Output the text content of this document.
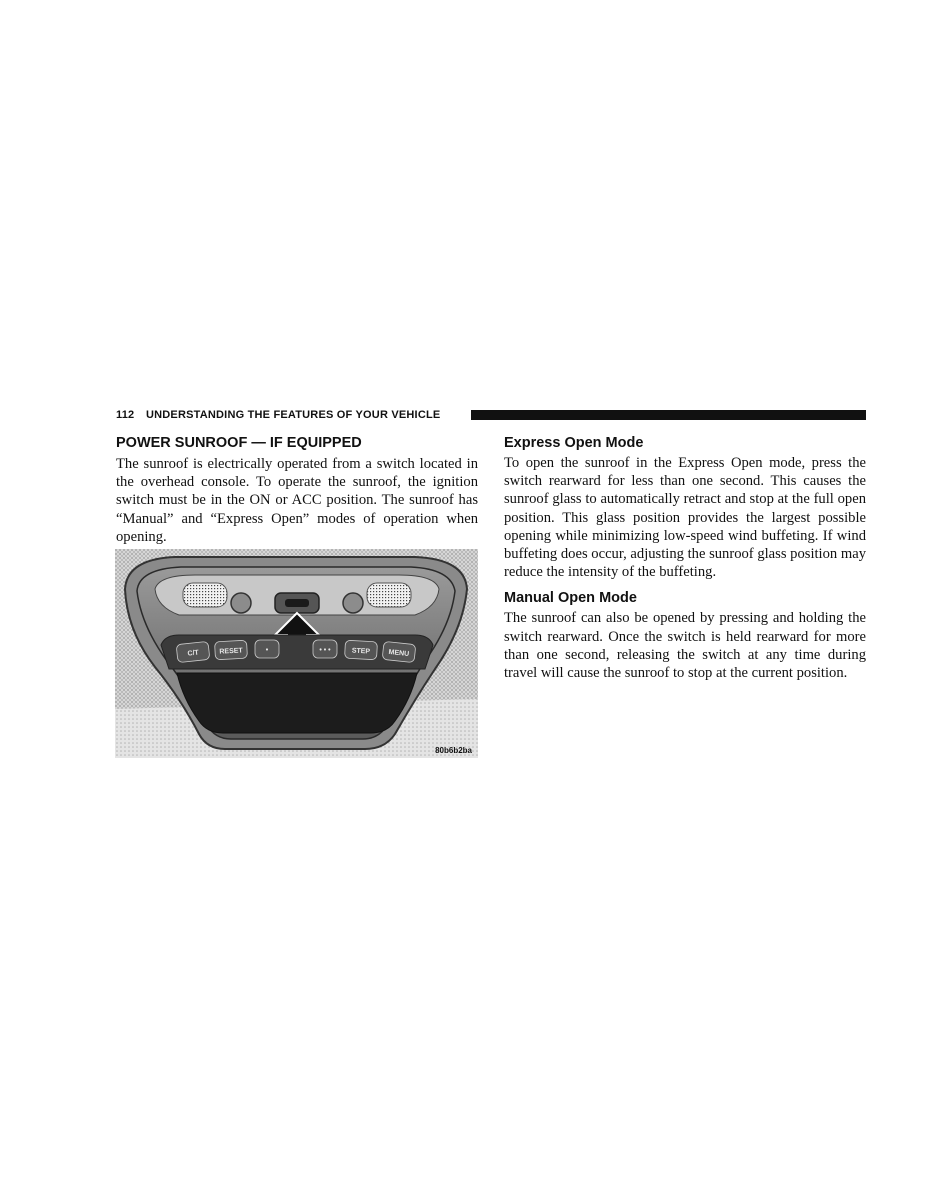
112 UNDERSTANDING THE FEATURES OF YOUR VEHICLE
POWER SUNROOF — IF EQUIPPED

The sunroof is electrically operated from a switch located in the overhead console. To operate the sunroof, the ignition switch must be in the ON or ACC position. The sunroof has “Manual” and “Express Open” modes of operation when opening.

C/T	RESET	•	• • •	STEP	MENU
80b6b2ba
Express Open Mode

To open the sunroof in the Express Open mode, press the switch rearward for less than one second. This causes the sunroof glass to automatically retract and stop at the full open position. This glass position provides the largest possible opening while minimizing low-speed wind buffeting. If wind buffeting does occur, adjusting the sunroof glass position may reduce the intensity of the buffeting.

Manual Open Mode

The sunroof can also be opened by pressing and holding the switch rearward. Once the switch is held rearward for more than one second, releasing the switch at any time during travel will cause the sunroof to stop at the current position.
